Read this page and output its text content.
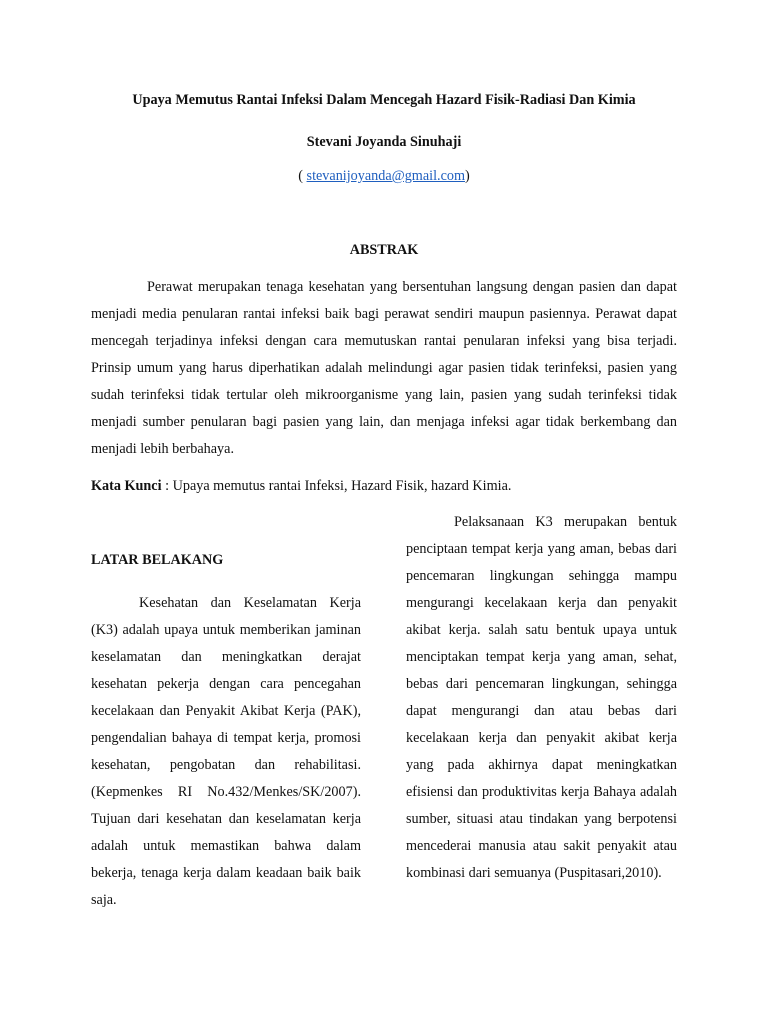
Upaya Memutus Rantai Infeksi Dalam Mencegah Hazard Fisik-Radiasi Dan Kimia
Stevani Joyanda Sinuhaji
( stevanijoyanda@gmail.com)
ABSTRAK

Perawat merupakan tenaga kesehatan yang bersentuhan langsung dengan pasien dan dapat menjadi media penularan rantai infeksi baik bagi perawat sendiri maupun pasiennya. Perawat dapat mencegah terjadinya infeksi dengan cara memutuskan rantai penularan infeksi yang bisa terjadi. Prinsip umum yang harus diperhatikan adalah melindungi agar pasien tidak terinfeksi, pasien yang sudah terinfeksi tidak tertular oleh mikroorganisme yang lain, pasien yang sudah terinfeksi tidak menjadi sumber penularan bagi pasien yang lain, dan menjaga infeksi agar tidak berkembang dan menjadi lebih berbahaya.

Kata Kunci : Upaya memutus rantai Infeksi, Hazard Fisik, hazard Kimia.

LATAR BELAKANG

Kesehatan dan Keselamatan Kerja (K3) adalah upaya untuk memberikan jaminan keselamatan dan meningkatkan derajat kesehatan pekerja dengan cara pencegahan kecelakaan dan Penyakit Akibat Kerja (PAK), pengendalian bahaya di tempat kerja, promosi kesehatan, pengobatan dan rehabilitasi. (Kepmenkes RI No.432/Menkes/SK/2007). Tujuan dari kesehatan dan keselamatan kerja adalah untuk memastikan bahwa dalam bekerja, tenaga kerja dalam keadaan baik baik saja.

Pelaksanaan K3 merupakan bentuk penciptaan tempat kerja yang aman, bebas dari pencemaran lingkungan sehingga mampu mengurangi kecelakaan kerja dan penyakit akibat kerja. salah satu bentuk upaya untuk menciptakan tempat kerja yang aman, sehat, bebas dari pencemaran lingkungan, sehingga dapat mengurangi dan atau bebas dari kecelakaan kerja dan penyakit akibat kerja yang pada akhirnya dapat meningkatkan efisiensi dan produktivitas kerja Bahaya adalah sumber, situasi atau tindakan yang berpotensi mencederai manusia atau sakit penyakit atau kombinasi dari semuanya (Puspitasari,2010).
